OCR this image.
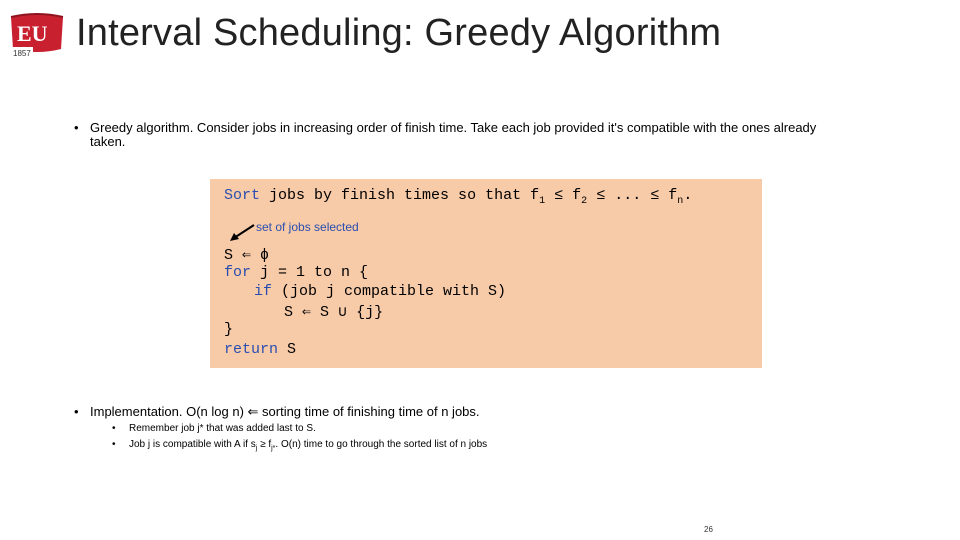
EU
1857 Interval Scheduling: Greedy Algorithm
• Greedy algorithm. Consider jobs in increasing order of finish time. Take each job provided it's compatible with the ones already
taken.
Sort jobs by finish times so that $f_1 \le f_2$ ≤ ... ≤ $f_n$.
set of jobs selected
S ⇐ ϕ
for j = 1 to n {
if (job j compatible with S)
S ⇐ S ∪ {j}
}
return S
• Implementation. O(n log n) ⇐ sorting time of finishing time of n jobs.
•	Remember job j* that was added last to S.
•	Job j is compatible with A if $s_j \ge f_{j*}$. O(n) time to go through the sorted list of n jobs
26
